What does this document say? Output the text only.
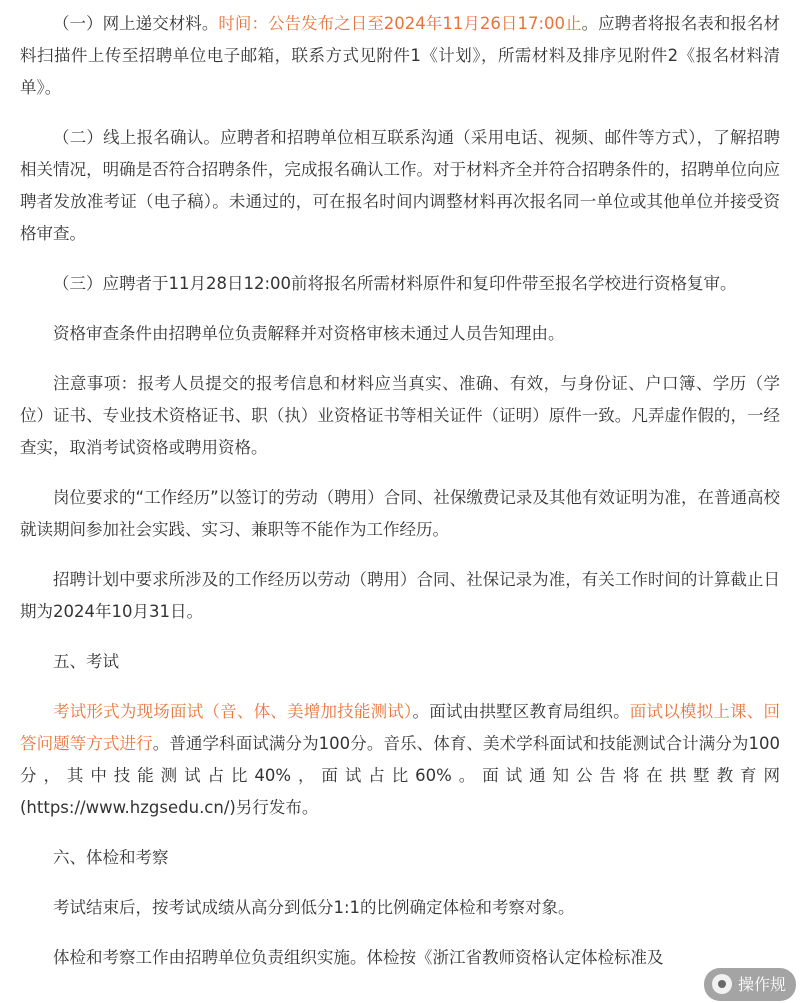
（一）网上递交材料。时间：公告发布之日至2024年11月26日17:00止。应聘者将报名表和报名材料扫描件上传至招聘单位电子邮箱，联系方式见附件1《计划》，所需材料及排序见附件2《报名材料清单》。

（二）线上报名确认。应聘者和招聘单位相互联系沟通（采用电话、视频、邮件等方式），了解招聘相关情况，明确是否符合招聘条件，完成报名确认工作。对于材料齐全并符合招聘条件的，招聘单位向应聘者发放准考证（电子稿）。未通过的，可在报名时间内调整材料再次报名同一单位或其他单位并接受资格审查。

（三）应聘者于11月28日12:00前将报名所需材料原件和复印件带至报名学校进行资格复审。

资格审查条件由招聘单位负责解释并对资格审核未通过人员告知理由。

注意事项：报考人员提交的报考信息和材料应当真实、准确、有效，与身份证、户口簿、学历（学位）证书、专业技术资格证书、职（执）业资格证书等相关证件（证明）原件一致。凡弄虚作假的，一经查实，取消考试资格或聘用资格。

岗位要求的“工作经历”以签订的劳动（聘用）合同、社保缴费记录及其他有效证明为准，在普通高校就读期间参加社会实践、实习、兼职等不能作为工作经历。

招聘计划中要求所涉及的工作经历以劳动（聘用）合同、社保记录为准，有关工作时间的计算截止日期为2024年10月31日。

五、考试

考试形式为现场面试（音、体、美增加技能测试）。面试由拱墅区教育局组织。面试以模拟上课、回答问题等方式进行。普通学科面试满分为100分。音乐、体育、美术学科面试和技能测试合计满分为100分，其中技能测试占比40%，面试占比60%。面试通知公告将在拱墅教育网(https://www.hzgsedu.cn/)另行发布。

六、体检和考察

考试结束后，按考试成绩从高分到低分1:1的比例确定体检和考察对象。

体检和考察工作由招聘单位负责组织实施。体检按《浙江省教师资格认定体检标准及

操作规
